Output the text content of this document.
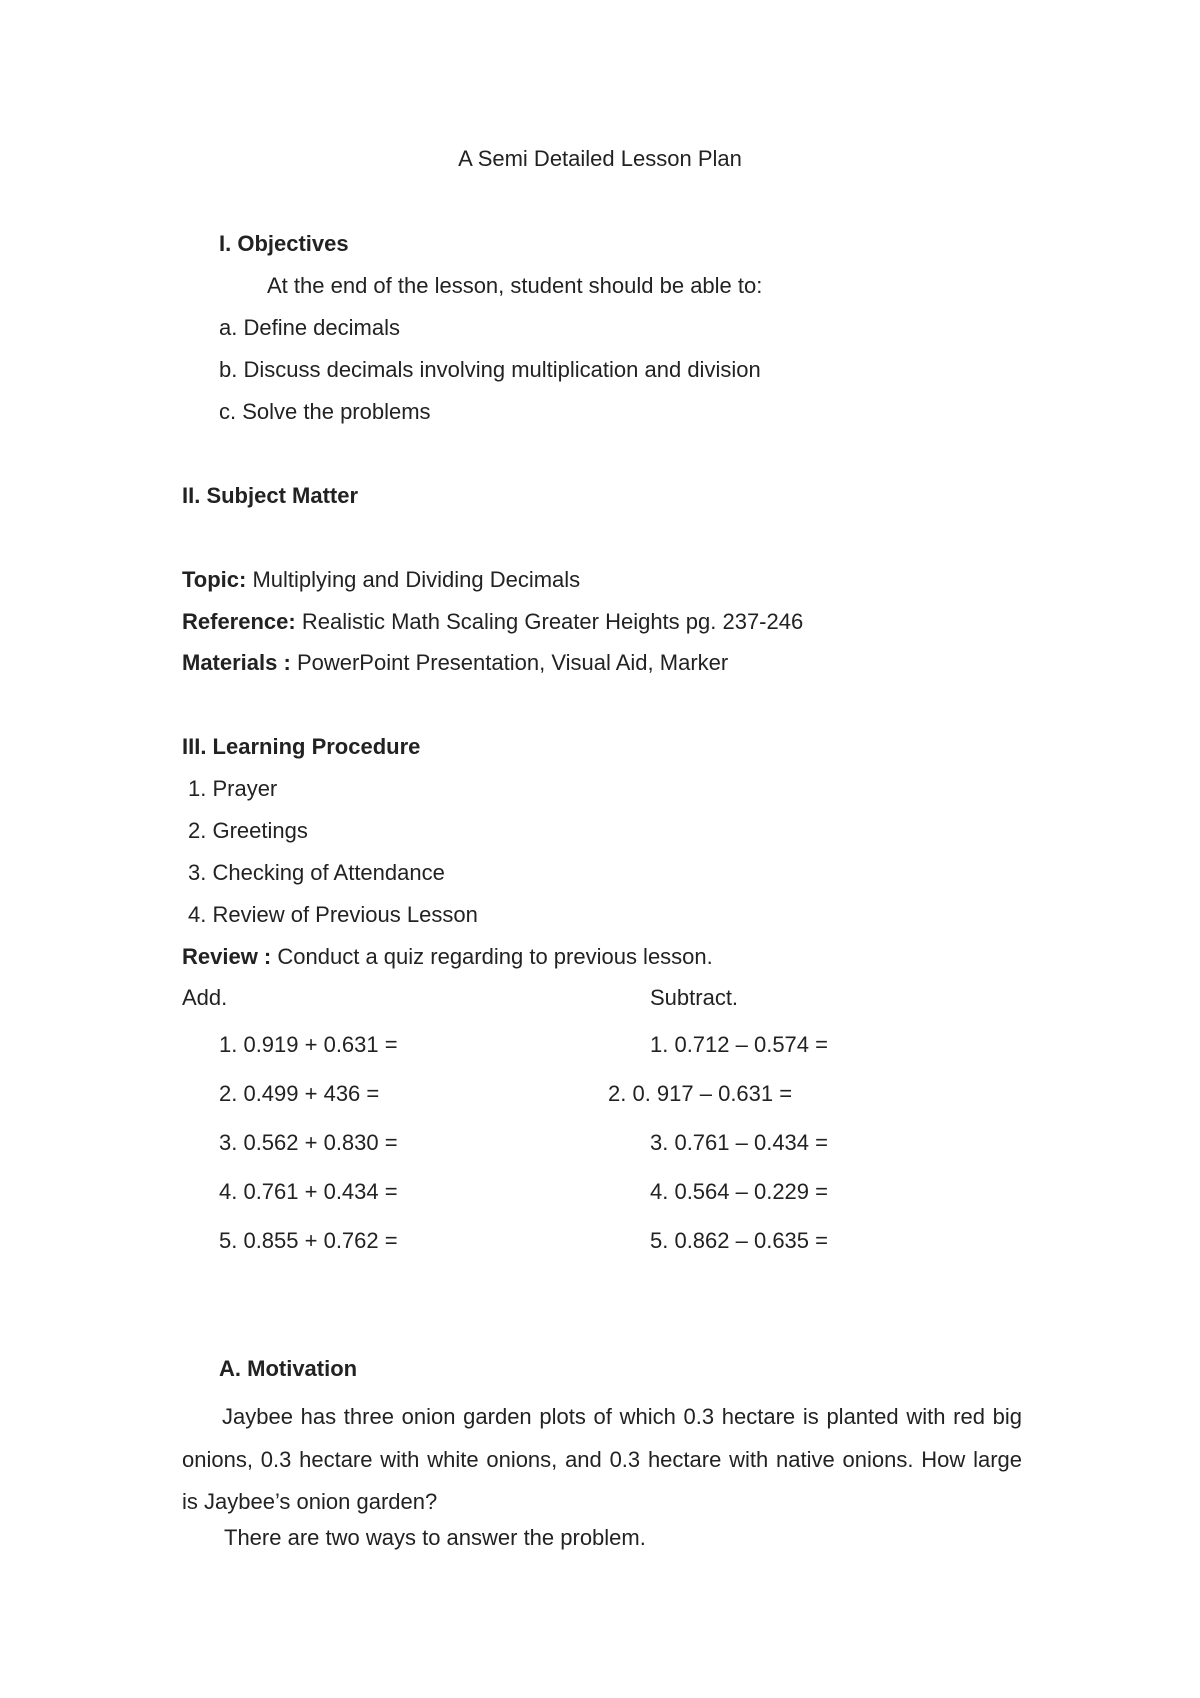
A Semi Detailed Lesson Plan
I. Objectives
At the end of the lesson, student should be able to:
a. Define decimals
b. Discuss decimals involving multiplication and division
c. Solve the problems
II. Subject Matter
Topic: Multiplying and Dividing Decimals
Reference: Realistic Math Scaling Greater Heights pg. 237-246
Materials : PowerPoint Presentation, Visual Aid, Marker
III. Learning Procedure
1. Prayer
2. Greetings
3. Checking of Attendance
4. Review of Previous Lesson
Review : Conduct a quiz regarding to previous lesson.
Add.	Subtract.
1. 0.919 + 0.631 =
2. 0.499 + 436 =
3. 0.562 + 0.830 =
4. 0.761 + 0.434 =
5. 0.855 + 0.762 =
1. 0.712 – 0.574 =
2. 0. 917 – 0.631 =
3. 0.761 – 0.434 =
4. 0.564 – 0.229 =
5. 0.862 – 0.635 =
A. Motivation
Jaybee has three onion garden plots of which 0.3 hectare is planted with red big onions, 0.3 hectare with white onions, and 0.3 hectare with native onions. How large is Jaybee’s onion garden?
There are two ways to answer the problem.
